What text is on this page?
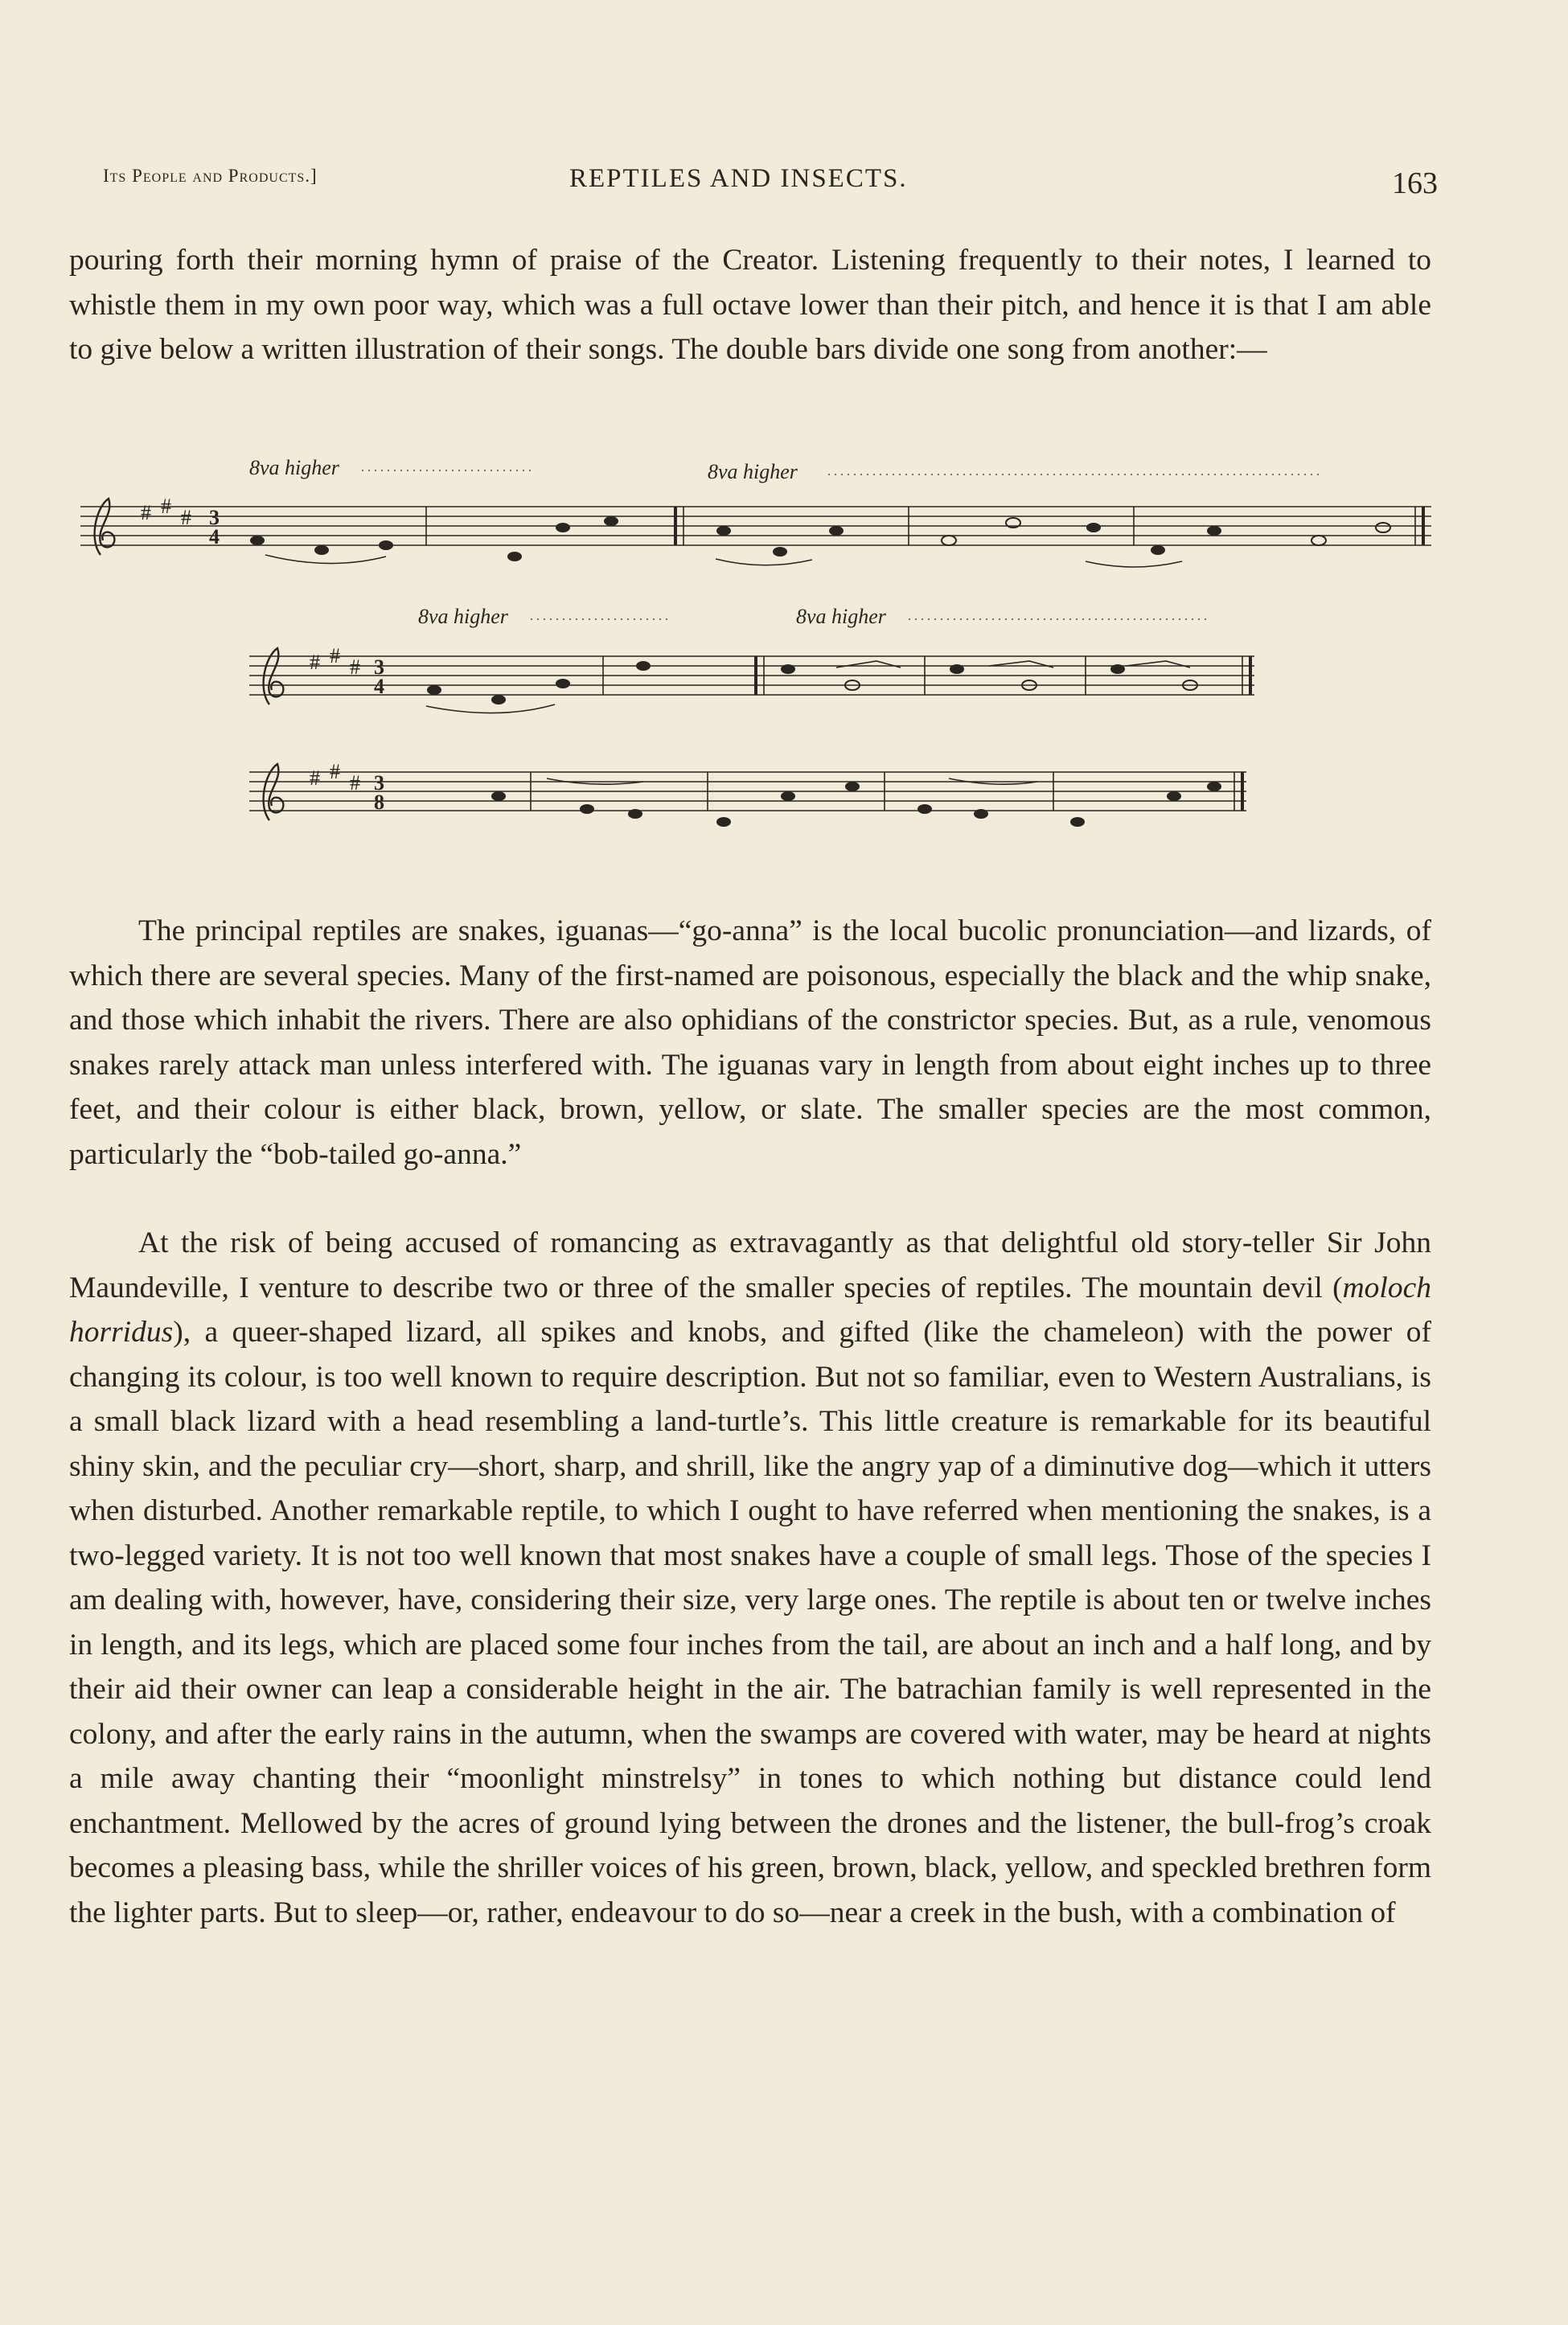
Its People and Products.]	REPTILES AND INSECTS.	163

pouring forth their morning hymn of praise of the Creator. Listening frequently to their notes, I learned to whistle them in my own poor way, which was a full octave lower than their pitch, and hence it is that I am able to give below a written illustration of their songs. The double bars divide one song from another:—

8va higher	8va higher
8va higher	8va higher
3
4
3
4
3
8
# # #
# # #
# # #

The principal reptiles are snakes, iguanas—“go-anna” is the local bucolic pronunciation—and lizards, of which there are several species. Many of the first-named are poisonous, especially the black and the whip snake, and those which inhabit the rivers. There are also ophidians of the constrictor species. But, as a rule, venomous snakes rarely attack man unless interfered with. The iguanas vary in length from about eight inches up to three feet, and their colour is either black, brown, yellow, or slate. The smaller species are the most common, particularly the “bob-tailed go-anna.”

At the risk of being accused of romancing as extravagantly as that delightful old story-teller Sir John Maundeville, I venture to describe two or three of the smaller species of reptiles. The mountain devil (moloch horridus), a queer-shaped lizard, all spikes and knobs, and gifted (like the chameleon) with the power of changing its colour, is too well known to require description. But not so familiar, even to Western Australians, is a small black lizard with a head resembling a land-turtle’s. This little creature is remarkable for its beautiful shiny skin, and the peculiar cry—short, sharp, and shrill, like the angry yap of a diminutive dog—which it utters when disturbed. Another remarkable reptile, to which I ought to have referred when mentioning the snakes, is a two-legged variety. It is not too well known that most snakes have a couple of small legs. Those of the species I am dealing with, however, have, considering their size, very large ones. The reptile is about ten or twelve inches in length, and its legs, which are placed some four inches from the tail, are about an inch and a half long, and by their aid their owner can leap a considerable height in the air. The batrachian family is well represented in the colony, and after the early rains in the autumn, when the swamps are covered with water, may be heard at nights a mile away chanting their “moonlight minstrelsy” in tones to which nothing but distance could lend enchantment. Mellowed by the acres of ground lying between the drones and the listener, the bull-frog’s croak becomes a pleasing bass, while the shriller voices of his green, brown, black, yellow, and speckled brethren form the lighter parts. But to sleep—or, rather, endeavour to do so—near a creek in the bush, with a combination of
